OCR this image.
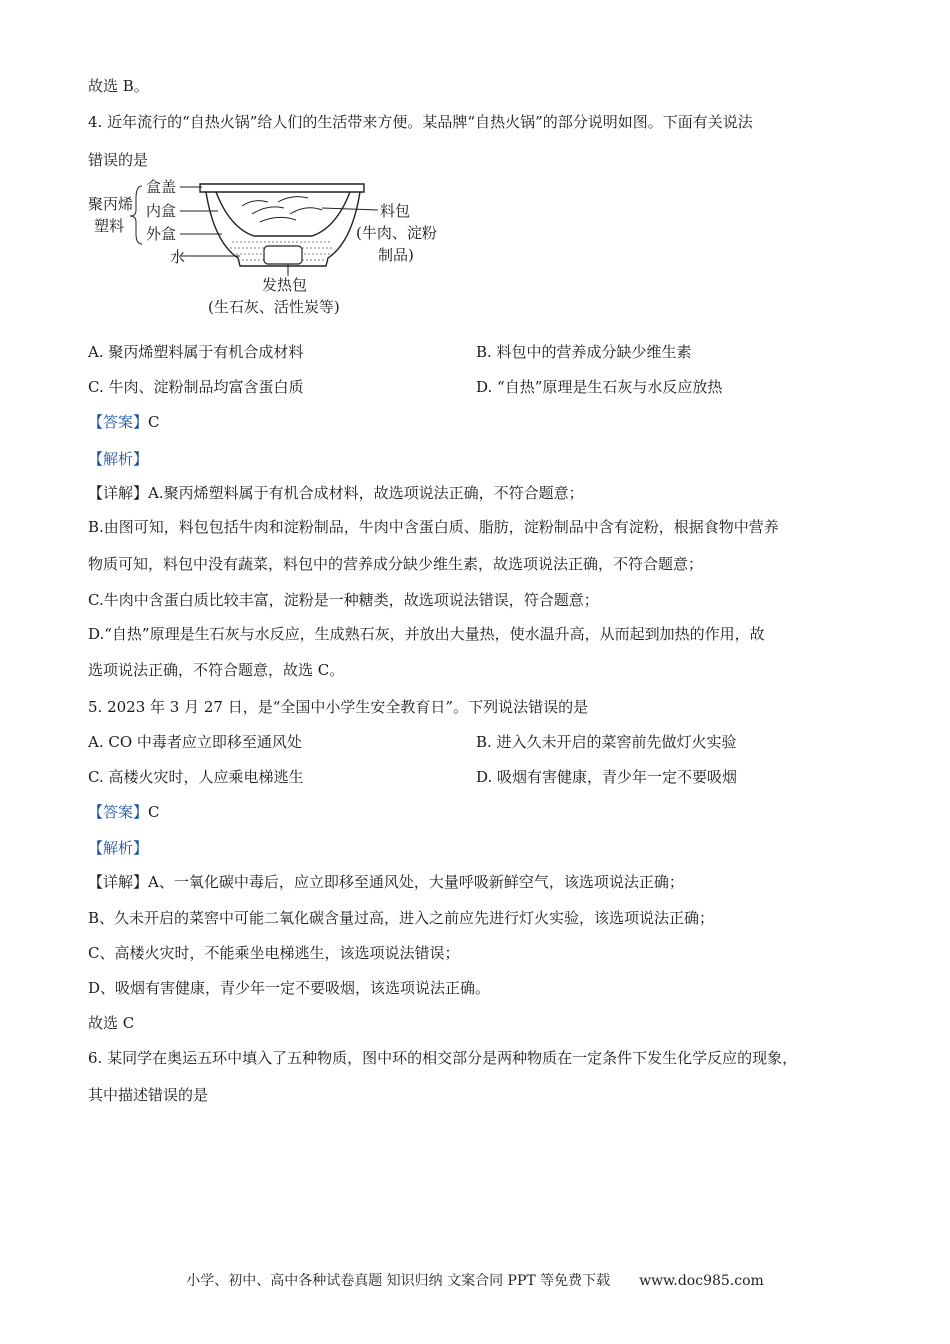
故选 B。
4. 近年流行的“自热火锅”给人们的生活带来方便。某品牌“自热火锅”的部分说明如图。下面有关说法
错误的是
聚丙烯
塑料
盒盖
内盒
外盒
水
料包
(牛肉、淀粉
制品)
发热包
(生石灰、活性炭等)
A. 聚丙烯塑料属于有机合成材料	B. 料包中的营养成分缺少维生素
C. 牛肉、淀粉制品均富含蛋白质	D. “自热”原理是生石灰与水反应放热
【答案】C
【解析】
【详解】A.聚丙烯塑料属于有机合成材料，故选项说法正确，不符合题意；
B.由图可知，料包包括牛肉和淀粉制品，牛肉中含蛋白质、脂肪，淀粉制品中含有淀粉，根据食物中营养
物质可知，料包中没有蔬菜，料包中的营养成分缺少维生素，故选项说法正确，不符合题意；
C.牛肉中含蛋白质比较丰富，淀粉是一种糖类，故选项说法错误，符合题意；
D.“自热”原理是生石灰与水反应，生成熟石灰，并放出大量热，使水温升高，从而起到加热的作用，故
选项说法正确，不符合题意，故选 C。
5. 2023 年 3 月 27 日，是“全国中小学生安全教育日”。下列说法错误的是
A. CO 中毒者应立即移至通风处	B. 进入久未开启的菜窖前先做灯火实验
C. 高楼火灾时，人应乘电梯逃生	D. 吸烟有害健康，青少年一定不要吸烟
【答案】C
【解析】
【详解】A、一氧化碳中毒后，应立即移至通风处，大量呼吸新鲜空气，该选项说法正确；
B、久未开启的菜窖中可能二氧化碳含量过高，进入之前应先进行灯火实验，该选项说法正确；
C、高楼火灾时，不能乘坐电梯逃生，该选项说法错误；
D、吸烟有害健康，青少年一定不要吸烟，该选项说法正确。
故选 C
6. 某同学在奥运五环中填入了五种物质，图中环的相交部分是两种物质在一定条件下发生化学反应的现象，
其中描述错误的是
小学、初中、高中各种试卷真题 知识归纳 文案合同 PPT 等免费下载 www.doc985.com
